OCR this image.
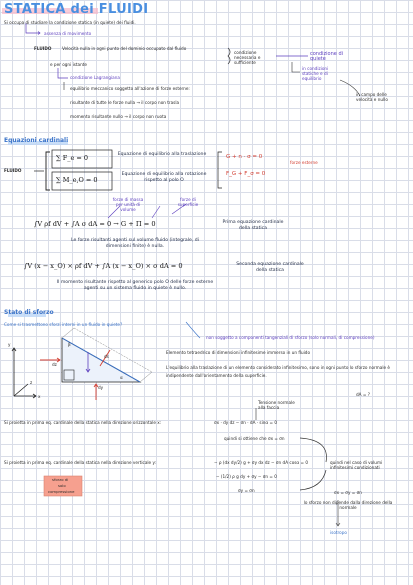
STATICA dei FLUIDI
Si occupa di studiare la condizione statica (in quiete) dei fluidi.
assenza di movimento
FLUIDO	Velocità nulla in ogni punto del dominio occupato dal fluido
condizione necessaria e sufficiente
condizione di quiete
e per ogni istante
condizione Lagrangiana
equilibrio meccanico soggetto all'azione di forze esterne:
in condizioni statiche e di equilibrio
in campo delle velocità e nullo
risultante di tutte le forze nulla → il corpo non trasla
momento risultante nullo → il corpo non ruota
Equazioni cardinali
FLUIDO
∑ F_e = 0
∑ M_e,O = 0
Equazione di equilibrio alla traslazione
Equazione di equilibrio alla rotazione rispetto al polo O
G + n · σ = 0
F_G + F_σ = 0
forze esterne
forze di massa per unità di volume
forze di superficie
∫V ρf dV + ∫A σ dA = 0 → G + Π = 0	Prima equazione cardinale della statica
Le forze risultanti agenti sul volume fluido (integrale, di dimensioni finite) è nulla.
∫V (x − x_O) × ρf dV + ∫A (x − x_O) × σ dA = 0	Seconda equazione cardinale della statica
Il momento risultante rispetto al generico polo O delle forze esterne agenti su un sistema fluido in quiete è nullo.
Stato di sforzo
Come si trasmettono sforzi interni in un fluido in quiete?
non soggetto a componenti tangenziali di sforzo (solo normali, di compressione)
y
x
z
ds
dz
dy
α
β
Elemento tetraedrico di dimensioni infinitesime immerso in un fluido
L'equilibrio alla traslazione di un elemento considerato infinitesimo, sono in ogni punto lo sforzo normale è indipendente dall'orientamento della superficie.
dA = ?
Si proietta in prima eq. cardinale della statica nella direzione orizzontale x:	σx · dy dz − σn · dA · sinα = 0
Tensione normale alla faccia
quindi si ottiene che σx = σn
Si proietta in prima eq. cardinale della statica nella direzione verticale y:	− ρ (dx dy/2) g + σy dx dz − σn dA cosα = 0
− (1/2) ρ g dy + σy − σn = 0
σy = σn
quindi nel caso di volumi infinitesimi condizionati
σx = σy = σn
lo sforzo non dipende dalla direzione della normale
isotropo
sforzo di
solo
compressione
